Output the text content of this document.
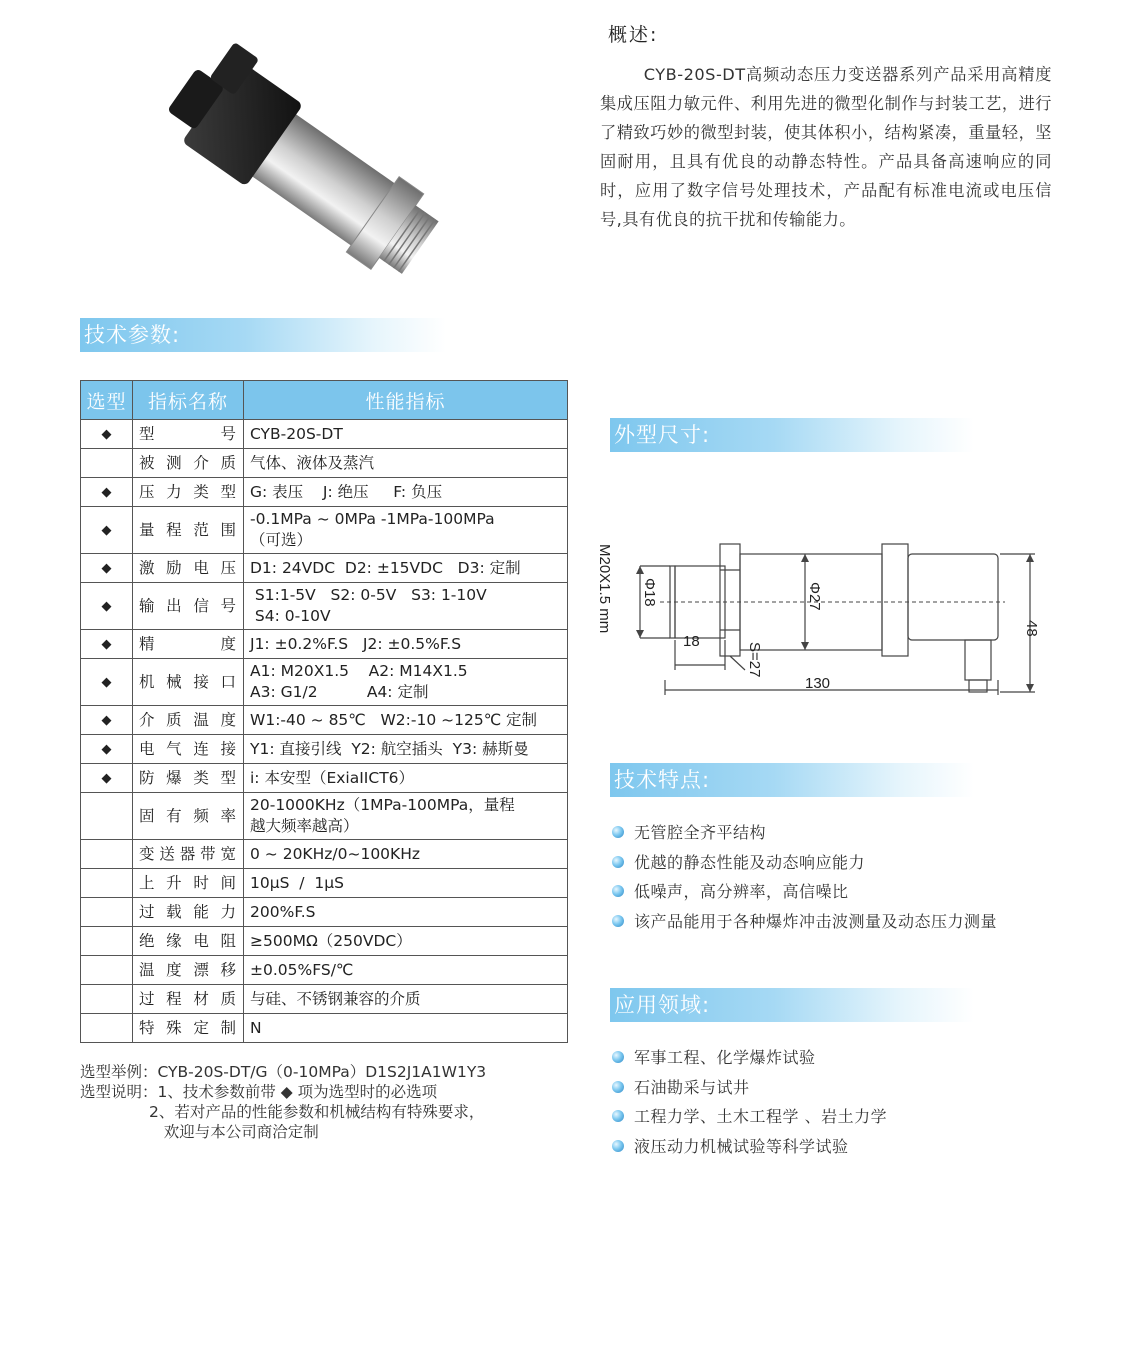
概述:

CYB-20S-DT高频动态压力变送器系列产品采用高精度集成压阻力敏元件、利用先进的微型化制作与封装工艺，进行了精致巧妙的微型封装，使其体积小，结构紧凑，重量轻，坚固耐用，且具有优良的动静态特性。产品具备高速响应的同时，应用了数字信号处理技术，产品配有标准电流或电压信号,具有优良的抗干扰和传输能力。

技术参数:
外型尺寸:
技术特点:
应用领域:
选型	指标名称	性能指标
◆	型号	CYB-20S-DT

	被测介质	气体、液体及蒸汽

◆	压力类型	G: 表压    J: 绝压     F: 负压

◆	量程范围	-0.1MPa ~ 0MPa -1MPa-100MPa
（可选）

◆	激励电压	D1: 24VDC  D2: ±15VDC   D3: 定制

◆	输出信号	S1:1-5V   S2: 0-5V   S3: 1-10V
S4: 0-10V

◆	精度	J1: ±0.2%F.S   J2: ±0.5%F.S

◆	机械接口	A1: M20X1.5    A2: M14X1.5
A3: G1/2          A4: 定制

◆	介质温度	W1:-40 ~ 85℃   W2:-10 ~125℃ 定制

◆	电气连接	Y1: 直接引线  Y2: 航空插头  Y3: 赫斯曼

◆	防爆类型	i: 本安型（ExiaIICT6）

	固有频率	20-1000KHz（1MPa-100MPa，量程
越大频率越高）

	变送器带宽	0 ~ 20KHz/0~100KHz

	上升时间	10μS  /  1μS

	过载能力	200%F.S

	绝缘电阻	≥500MΩ（250VDC）

	温度漂移	±0.05%FS/℃

	过程材质	与硅、不锈钢兼容的介质

	特殊定制	N
选型举例：CYB-20S-DT/G（0-10MPa）D1S2J1A1W1Y3
选型说明：1、技术参数前带 ◆ 项为选型时的必选项
2、若对产品的性能参数和机械结构有特殊要求，
欢迎与本公司商洽定制
M20X1.5 mm Φ18	Φ27
18
S=27
130
48
无管腔全齐平结构
优越的静态性能及动态响应能力
低噪声，高分辨率，高信噪比
该产品能用于各种爆炸冲击波测量及动态压力测量
军事工程、化学爆炸试验
石油勘采与试井
工程力学、土木工程学 、岩土力学
液压动力机械试验等科学试验
